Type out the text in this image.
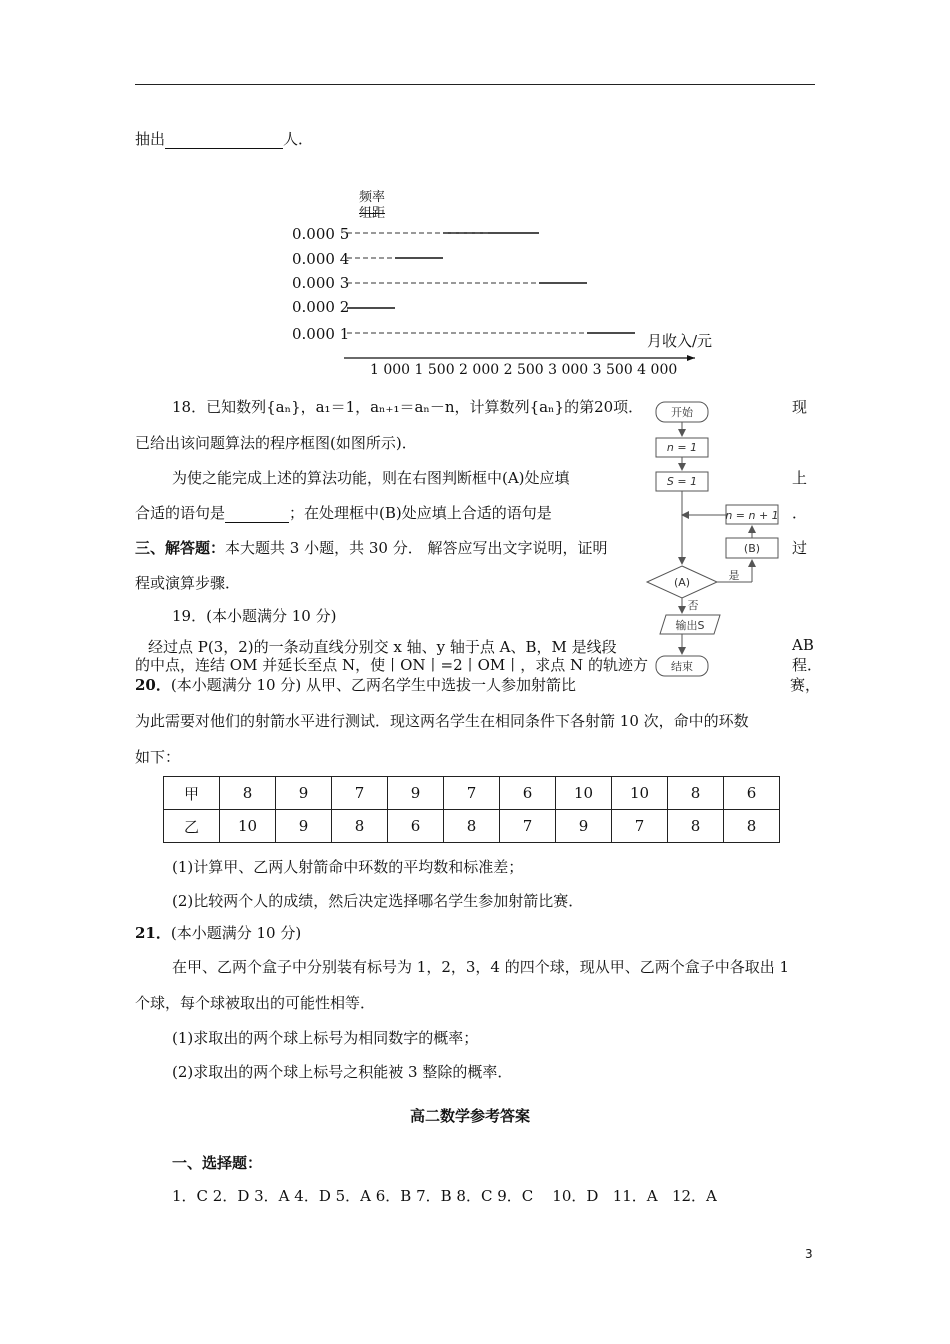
抽出	人．
频率
组距
0.000 5
0.000 4
0.000 3
0.000 2
0.000 1	月收入/元
1 000 1 500 2 000 2 500 3 000 3 500 4 000
18．已知数列{aₙ}，a₁＝1，aₙ₊₁＝aₙ－n，计算数列{aₙ}的第20项．	现
已给出该问题算法的程序框图(如图所示)．
为使之能完成上述的算法功能，则在右图判断框中(A)处应填	上
合适的语句是	；在处理框中(B)处应填上合适的语句是	．
三、解答题：本大题共 3 小题，共 30 分． 解答应写出文字说明，证明	过
程或演算步骤．
19．(本小题满分 10 分)
经过点 P(3，2)的一条动直线分别交 x 轴、y 轴于点 A、B，M 是线段	AB
的中点，连结 OM 并延长至点 N，使丨ON丨=2丨OM丨，求点 N 的轨迹方	程．
20．(本小题满分 10 分) 从甲、乙两名学生中选拔一人参加射箭比	赛，
为此需要对他们的射箭水平进行测试．现这两名学生在相同条件下各射箭 10 次，命中的环数
如下：
甲	8	9	7	9	7	6	10	10	8	6
乙	10	9	8	6	8	7	9	7	8	8
(1)计算甲、乙两人射箭命中环数的平均数和标准差；
(2)比较两个人的成绩，然后决定选择哪名学生参加射箭比赛．
21．(本小题满分 10 分)
在甲、乙两个盒子中分别装有标号为 1，2，3，4 的四个球，现从甲、乙两个盒子中各取出 1
个球，每个球被取出的可能性相等．
(1)求取出的两个球上标号为相同数字的概率；
(2)求取出的两个球上标号之积能被 3 整除的概率．
高二数学参考答案
一、选择题：
1．C 2．D 3．A 4．D 5．A 6．B 7．B 8．C 9．C    10．D   11．A   12．A
开始
n = 1
S = 1
n = n + 1
(B)
(A)
是
否
输出S
结束
3
